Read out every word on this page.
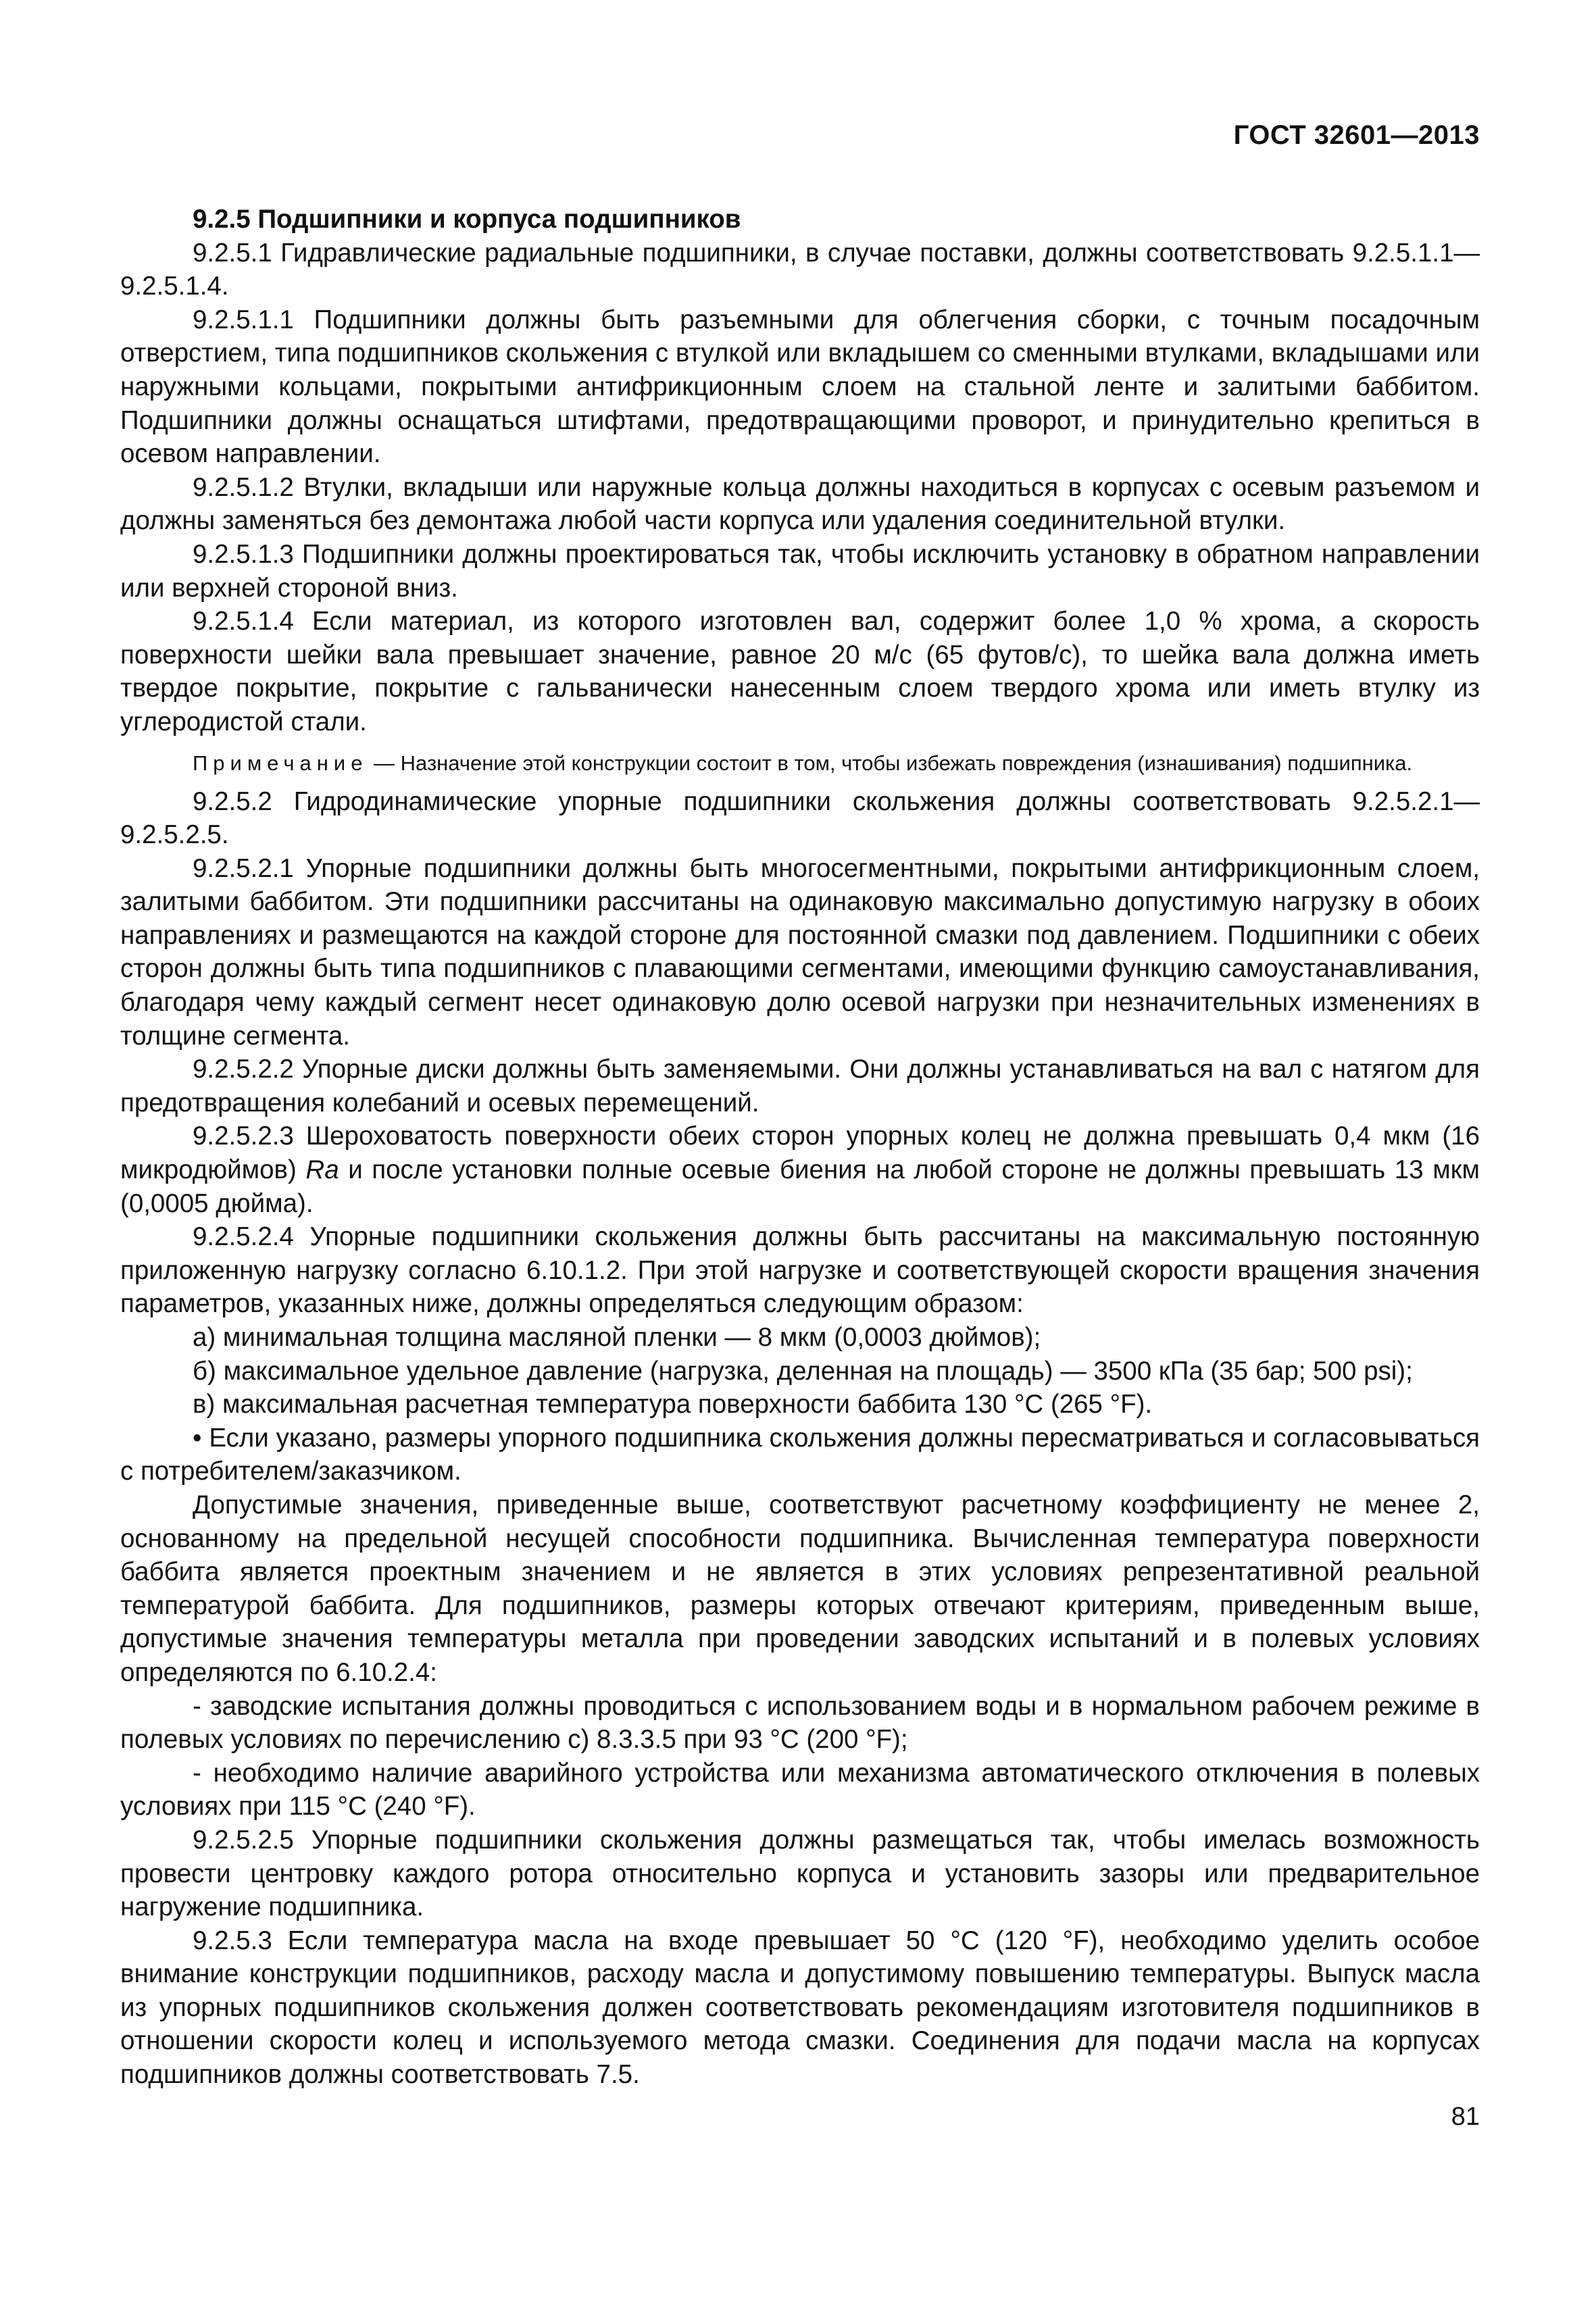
ГОСТ 32601—2013

9.2.5 Подшипники и корпуса подшипников

9.2.5.1 Гидравлические радиальные подшипники, в случае поставки, должны соответствовать 9.2.5.1.1—9.2.5.1.4.

9.2.5.1.1 Подшипники должны быть разъемными для облегчения сборки, с точным посадочным отверстием, типа подшипников скольжения с втулкой или вкладышем со сменными втулками, вкладышами или наружными кольцами, покрытыми антифрикционным слоем на стальной ленте и залитыми баббитом. Подшипники должны оснащаться штифтами, предотвращающими проворот, и принудительно крепиться в осевом направлении.

9.2.5.1.2 Втулки, вкладыши или наружные кольца должны находиться в корпусах с осевым разъемом и должны заменяться без демонтажа любой части корпуса или удаления соединительной втулки.

9.2.5.1.3 Подшипники должны проектироваться так, чтобы исключить установку в обратном направлении или верхней стороной вниз.

9.2.5.1.4 Если материал, из которого изготовлен вал, содержит более 1,0 % хрома, а скорость поверхности шейки вала превышает значение, равное 20 м/с (65 футов/с), то шейка вала должна иметь твердое покрытие, покрытие с гальванически нанесенным слоем твердого хрома или иметь втулку из углеродистой стали.

Примечание — Назначение этой конструкции состоит в том, чтобы избежать повреждения (изнашивания) подшипника.

9.2.5.2 Гидродинамические упорные подшипники скольжения должны соответствовать 9.2.5.2.1—9.2.5.2.5.

9.2.5.2.1 Упорные подшипники должны быть многосегментными, покрытыми антифрикционным слоем, залитыми баббитом. Эти подшипники рассчитаны на одинаковую максимально допустимую нагрузку в обоих направлениях и размещаются на каждой стороне для постоянной смазки под давлением. Подшипники с обеих сторон должны быть типа подшипников с плавающими сегментами, имеющими функцию самоустанавливания, благодаря чему каждый сегмент несет одинаковую долю осевой нагрузки при незначительных изменениях в толщине сегмента.

9.2.5.2.2 Упорные диски должны быть заменяемыми. Они должны устанавливаться на вал с натягом для предотвращения колебаний и осевых перемещений.

9.2.5.2.3 Шероховатость поверхности обеих сторон упорных колец не должна превышать 0,4 мкм (16 микродюймов) Ra и после установки полные осевые биения на любой стороне не должны превышать 13 мкм (0,0005 дюйма).

9.2.5.2.4 Упорные подшипники скольжения должны быть рассчитаны на максимальную постоянную приложенную нагрузку согласно 6.10.1.2. При этой нагрузке и соответствующей скорости вращения значения параметров, указанных ниже, должны определяться следующим образом:

а) минимальная толщина масляной пленки — 8 мкм (0,0003 дюймов);

б) максимальное удельное давление (нагрузка, деленная на площадь) — 3500 кПа (35 бар; 500 psi);

в) максимальная расчетная температура поверхности баббита 130 °С (265 °F).

• Если указано, размеры упорного подшипника скольжения должны пересматриваться и согласовываться с потребителем/заказчиком.

Допустимые значения, приведенные выше, соответствуют расчетному коэффициенту не менее 2, основанному на предельной несущей способности подшипника. Вычисленная температура поверхности баббита является проектным значением и не является в этих условиях репрезентативной реальной температурой баббита. Для подшипников, размеры которых отвечают критериям, приведенным выше, допустимые значения температуры металла при проведении заводских испытаний и в полевых условиях определяются по 6.10.2.4:

- заводские испытания должны проводиться с использованием воды и в нормальном рабочем режиме в полевых условиях по перечислению с) 8.3.3.5 при 93 °С (200 °F);

- необходимо наличие аварийного устройства или механизма автоматического отключения в полевых условиях при 115 °С (240 °F).

9.2.5.2.5 Упорные подшипники скольжения должны размещаться так, чтобы имелась возможность провести центровку каждого ротора относительно корпуса и установить зазоры или предварительное нагружение подшипника.

9.2.5.3 Если температура масла на входе превышает 50 °С (120 °F), необходимо уделить особое внимание конструкции подшипников, расходу масла и допустимому повышению температуры. Выпуск масла из упорных подшипников скольжения должен соответствовать рекомендациям изготовителя подшипников в отношении скорости колец и используемого метода смазки. Соединения для подачи масла на корпусах подшипников должны соответствовать 7.5.

81
